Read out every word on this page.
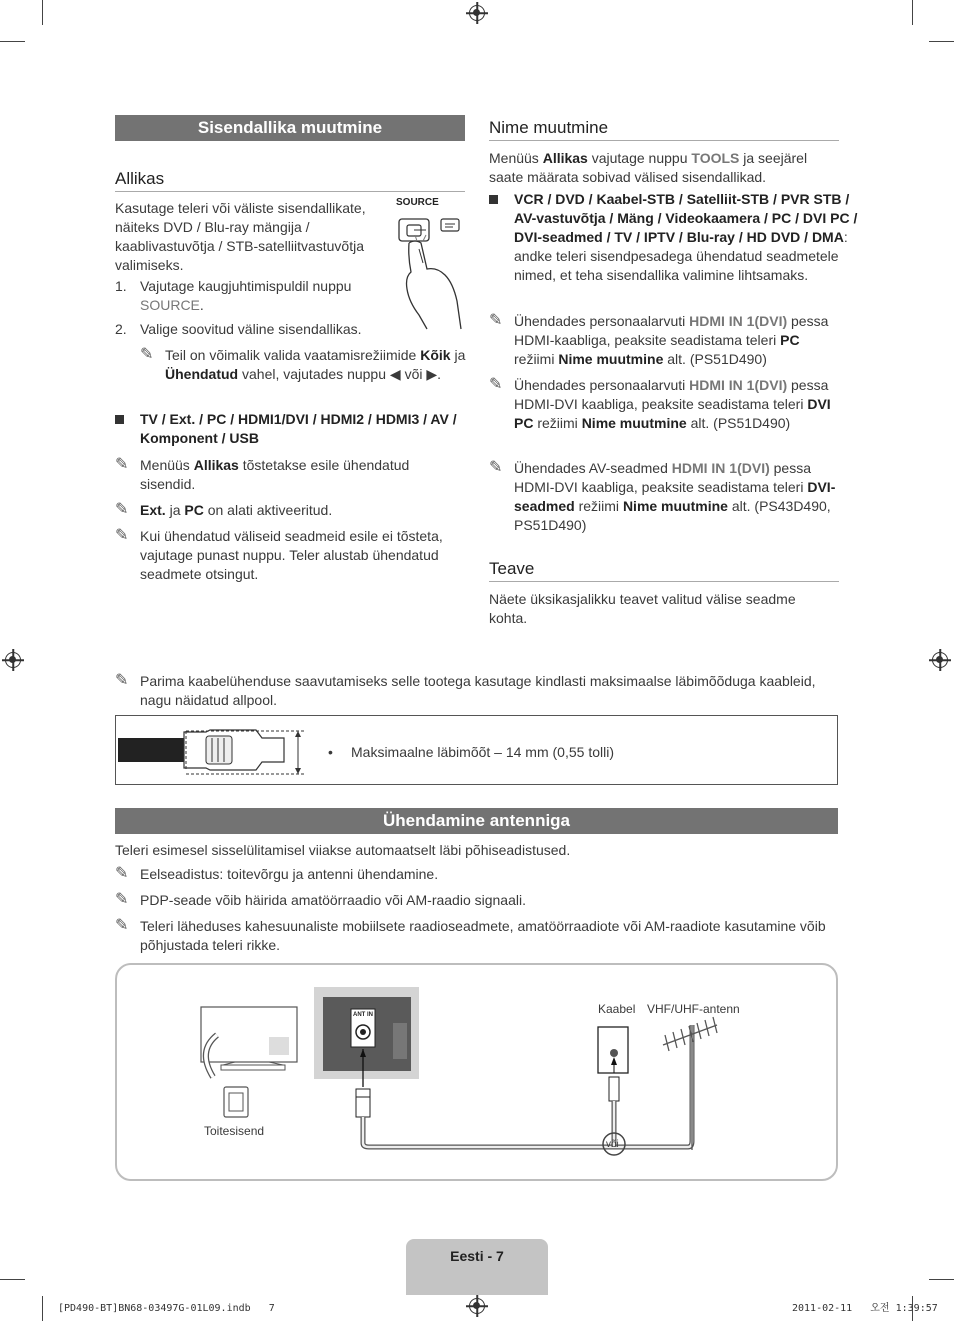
Sisendallika muutmine
Allikas
Kasutage teleri või väliste sisendallikate, näiteks DVD / Blu-ray mängija / kaablivastuvõtja / STB-satelliitvastuvõtja valimiseks.
SOURCE
1. Vajutage kaugjuhtimispuldil nuppu SOURCE.
2. Valige soovitud väline sisendallikas.
✎ Teil on võimalik valida vaatamisrežiimide Kõik ja Ühendatud vahel, vajutades nuppu ◀ või ▶.
TV / Ext. / PC / HDMI1/DVI / HDMI2 / HDMI3 / AV / Komponent / USB
✎ Menüüs Allikas tõstetakse esile ühendatud sisendid.
✎ Ext. ja PC on alati aktiveeritud.
✎ Kui ühendatud väliseid seadmeid esile ei tõsteta, vajutage punast nuppu. Teler alustab ühendatud seadmete otsingut.
Nime muutmine
Menüüs Allikas vajutage nuppu TOOLS ja seejärel saate määrata sobivad välised sisendallikad.
VCR / DVD / Kaabel-STB / Satelliit-STB / PVR STB / AV-vastuvõtja / Mäng / Videokaamera / PC / DVI PC / DVI-seadmed / TV / IPTV / Blu-ray / HD DVD / DMA: andke teleri sisendpesadega ühendatud seadmetele nimed, et teha sisendallika valimine lihtsamaks.
✎ Ühendades personaalarvuti HDMI IN 1(DVI) pessa HDMI-kaabliga, peaksite seadistama teleri PC režiimi Nime muutmine alt. (PS51D490)
✎ Ühendades personaalarvuti HDMI IN 1(DVI) pessa HDMI-DVI kaabliga, peaksite seadistama teleri DVI PC režiimi Nime muutmine alt. (PS51D490)
✎ Ühendades AV-seadmed HDMI IN 1(DVI) pessa HDMI-DVI kaabliga, peaksite seadistama teleri DVI-seadmed režiimi Nime muutmine alt. (PS43D490, PS51D490)
Teave
Näete üksikasjalikku teavet valitud välise seadme kohta.
✎ Parima kaabelühenduse saavutamiseks selle tootega kasutage kindlasti maksimaalse läbimõõduga kaableid, nagu näidatud allpool.
• Maksimaalne läbimõõt – 14 mm (0,55 tolli)
Ühendamine antenniga
Teleri esimesel sisselülitamisel viiakse automaatselt läbi põhiseadistused.
✎ Eelseadistus: toitevõrgu ja antenni ühendamine.
✎ PDP-seade võib häirida amatöörraadio või AM-raadio signaali.
✎ Teleri läheduses kahesuunaliste mobiilsete raadioseadmete, amatöörraadiote või AM-raadiote kasutamine võib põhjustada teleri rikke.
ANT IN	Kaabel VHF/UHF-antenn
Toitesisend
või
Eesti - 7
[PD490-BT]BN68-03497G-01L09.indb   7	2011-02-11   오전 1:39:57
